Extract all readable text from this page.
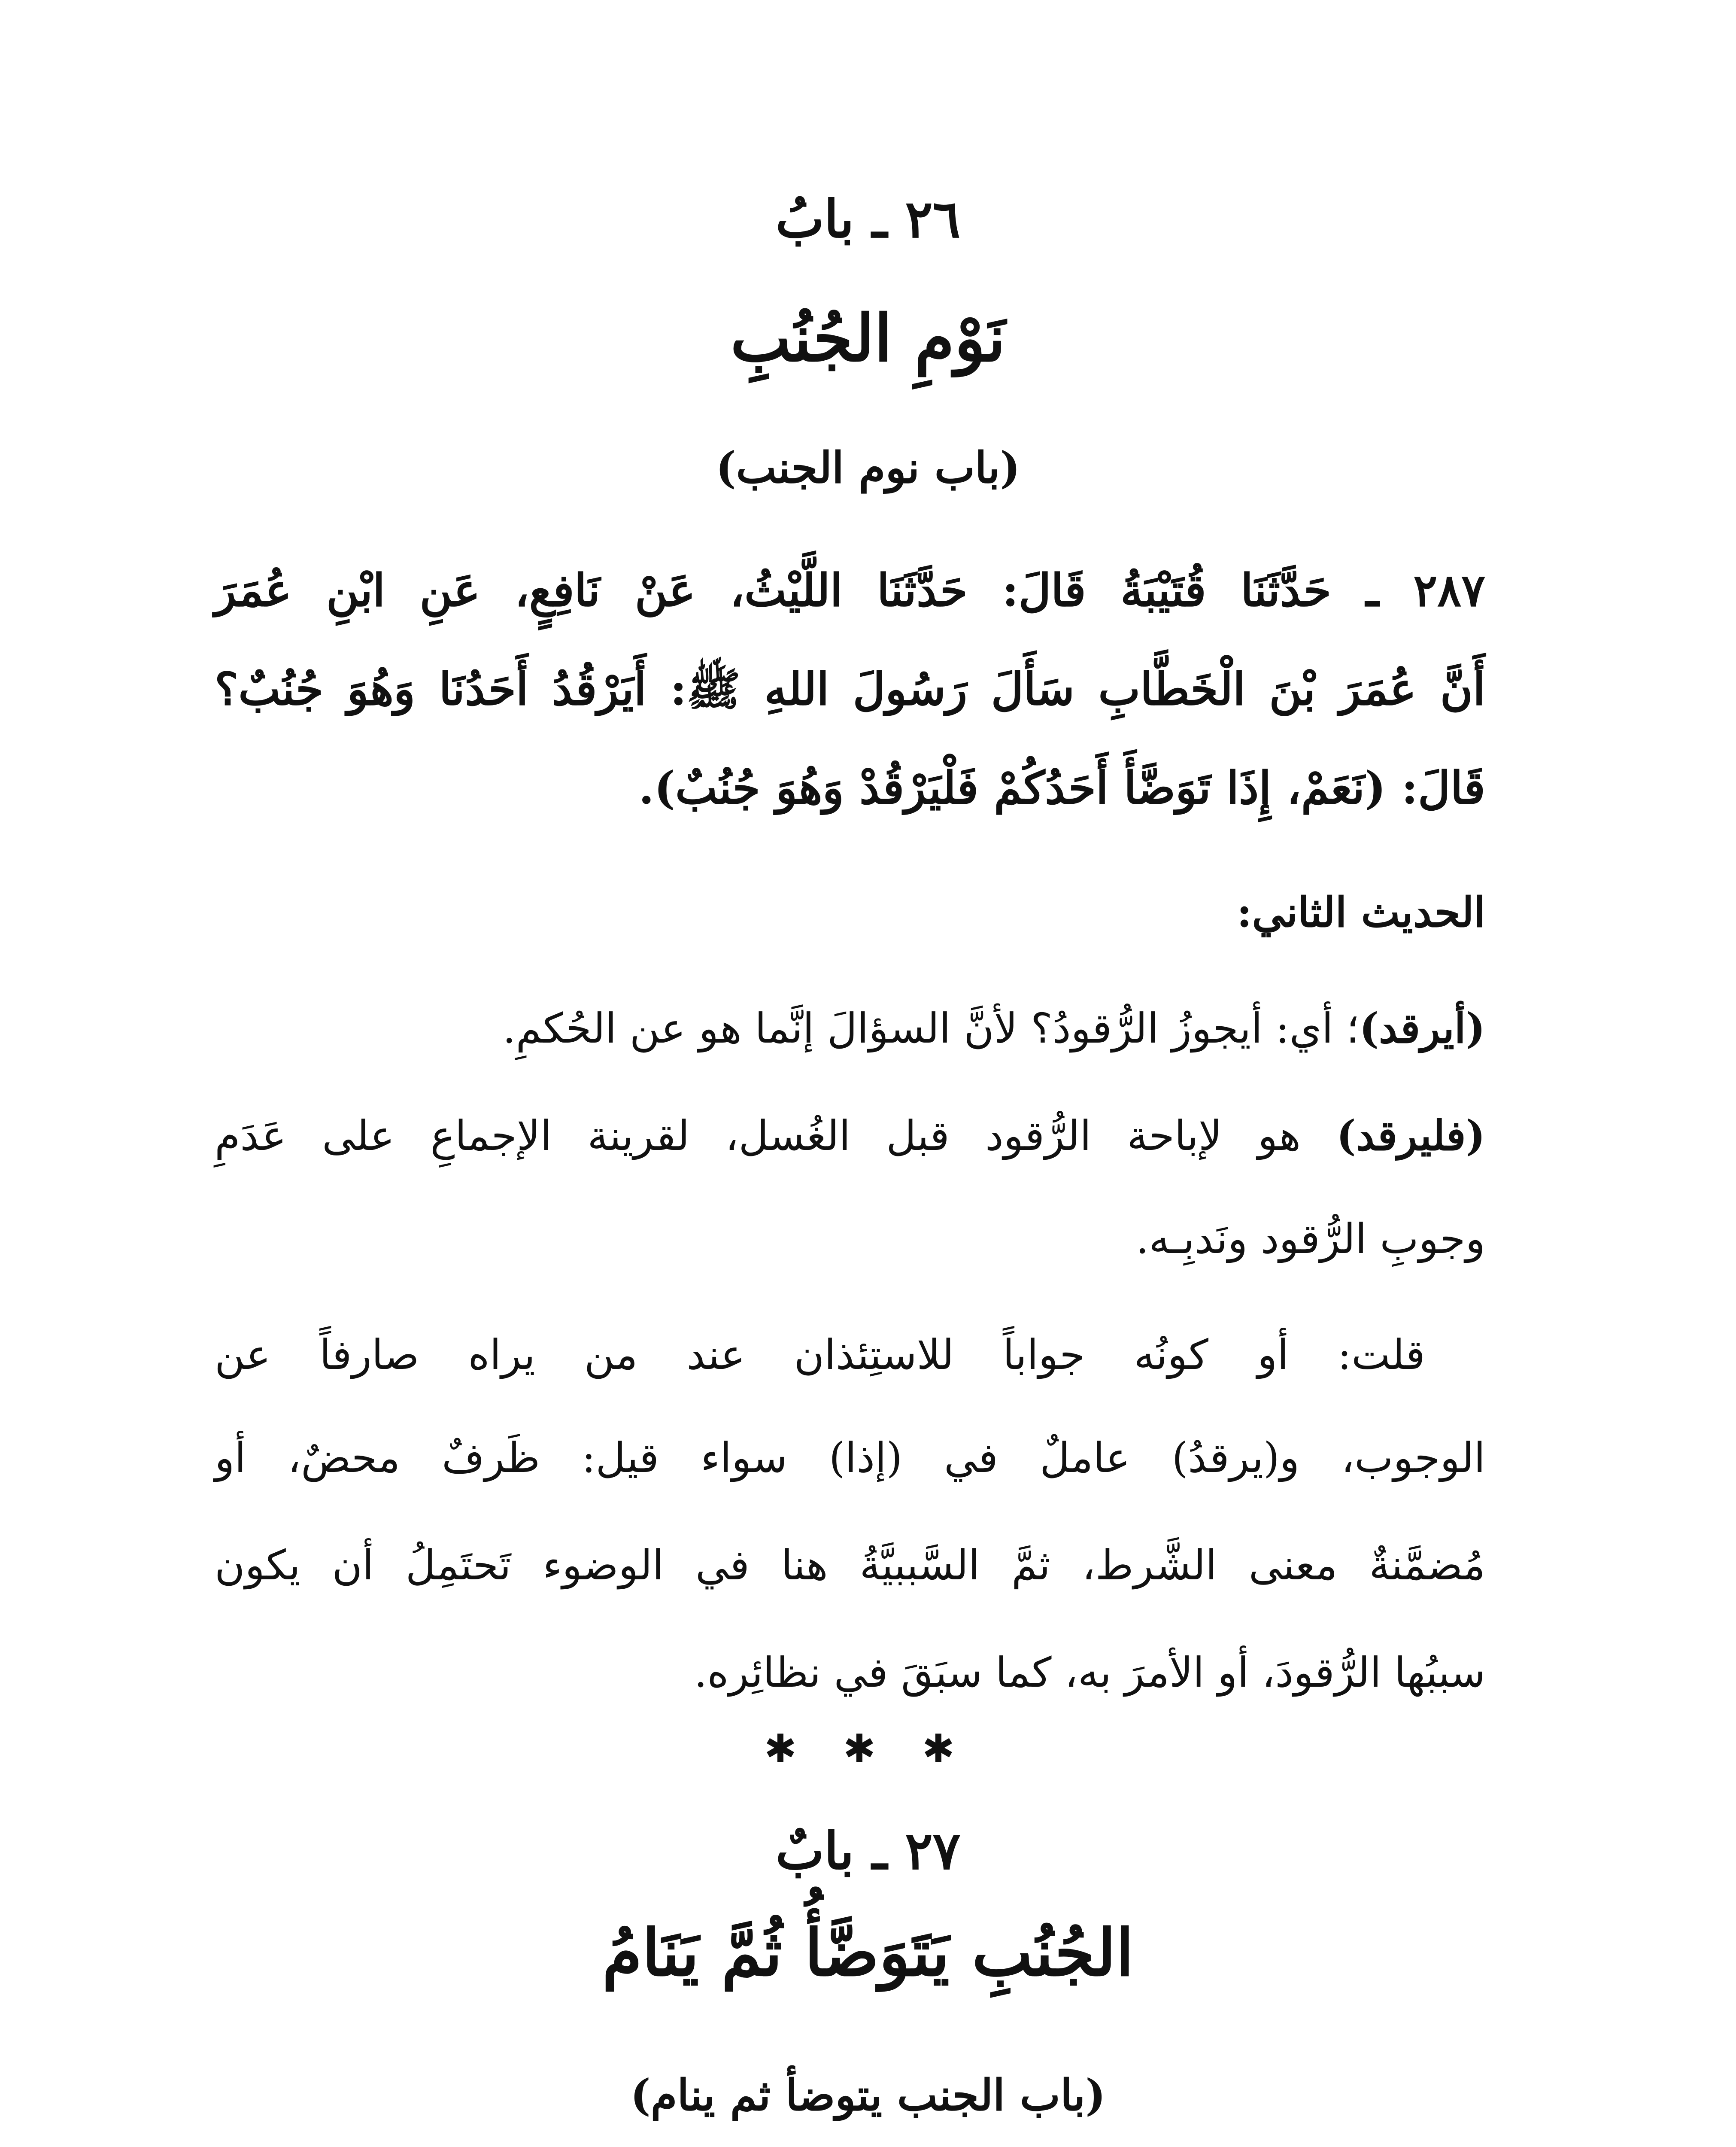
٢٦ ـ بابُ
نَوْمِ الجُنُبِ
(باب نوم الجنب)
٢٨٧ ـ حَدَّثَنَا قُتَيْبَةُ قَالَ: حَدَّثَنَا اللَّيْثُ، عَنْ نَافِعٍ، عَنِ ابْنِ عُمَرَ
أَنَّ عُمَرَ بْنَ الْخَطَّابِ سَأَلَ رَسُولَ اللهِ ﷺ: أَيَرْقُدُ أَحَدُنَا وَهُوَ جُنُبٌ؟
قَالَ: (نَعَمْ، إِذَا تَوَضَّأَ أَحَدُكُمْ فَلْيَرْقُدْ وَهُوَ جُنُبٌ).
الحديث الثاني:
(أيرقد)؛ أي: أيجوزُ الرُّقودُ؟ لأنَّ السؤالَ إنَّما هو عن الحُكمِ.
(فليرقد) هو لإباحة الرُّقود قبل الغُسل، لقرينة الإجماعِ على عَدَمِ
وجوبِ الرُّقود ونَدبِـه.
قلت: أو كونُه جواباً للاستِئذان عند من يراه صارفاً عن
الوجوب، و(يرقدُ) عاملٌ في (إذا) سواء قيل: ظَرفٌ محضٌ، أو
مُضمَّنةٌ معنى الشَّرط، ثمَّ السَّببيَّةُ هنا في الوضوء تَحتَمِلُ أن يكون
سببُها الرُّقودَ، أو الأمرَ به، كما سبَقَ في نظائِره.
✱ ✱ ✱
٢٧ ـ بابٌ
الجُنُبِ يَتَوَضَّأُ ثُمَّ يَنَامُ
(باب الجنب يتوضأ ثم ينام)
